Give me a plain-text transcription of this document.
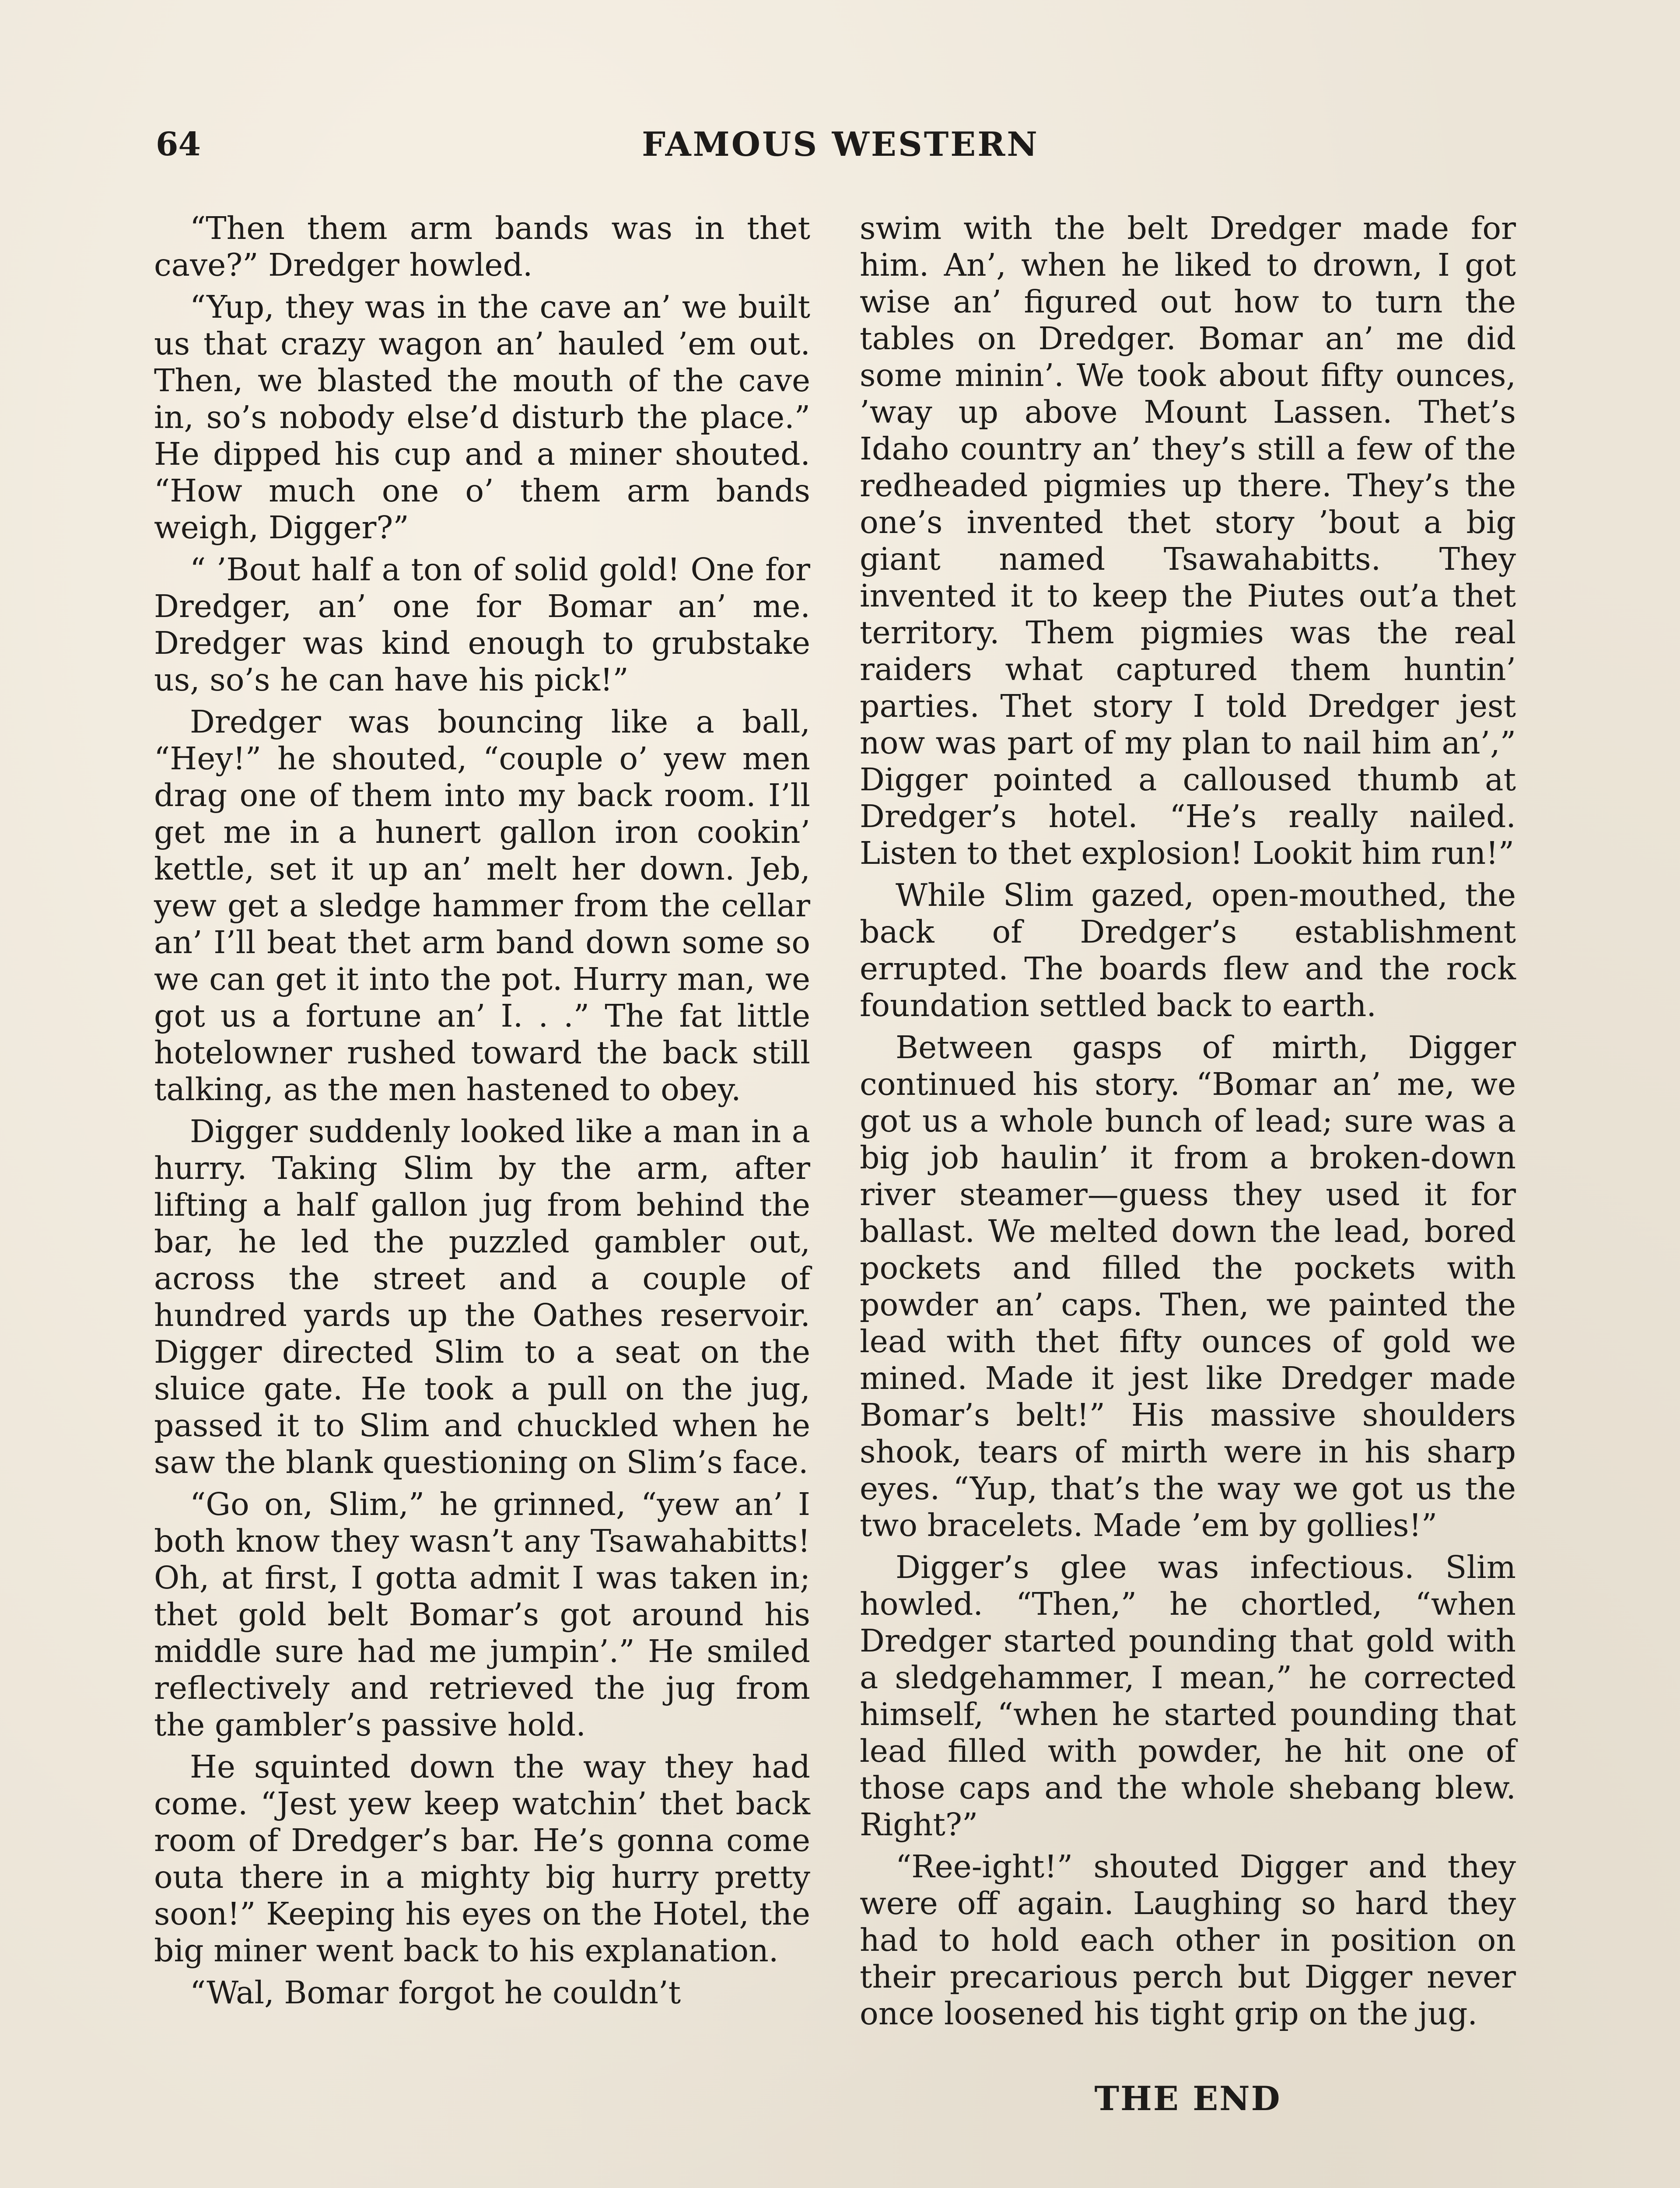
64	FAMOUS WESTERN

“Then them arm bands was in thet cave?” Dredger howled.

“Yup, they was in the cave an’ we built us that crazy wagon an’ hauled ’em out. Then, we blasted the mouth of the cave in, so’s nobody else’d disturb the place.” He dipped his cup and a miner shouted. “How much one o’ them arm bands weigh, Digger?”

“ ’Bout half a ton of solid gold! One for Dredger, an’ one for Bomar an’ me. Dredger was kind enough to grubstake us, so’s he can have his pick!”

Dredger was bouncing like a ball, “Hey!” he shouted, “couple o’ yew men drag one of them into my back room. I’ll get me in a hunert gallon iron cookin’ kettle, set it up an’ melt her down. Jeb, yew get a sledge hammer from the cellar an’ I’ll beat thet arm band down some so we can get it into the pot. Hurry man, we got us a fortune an’ I. . .” The fat little hotelowner rushed toward the back still talking, as the men hastened to obey.

Digger suddenly looked like a man in a hurry. Taking Slim by the arm, after lifting a half gallon jug from behind the bar, he led the puzzled gambler out, across the street and a couple of hundred yards up the Oathes reservoir. Digger directed Slim to a seat on the sluice gate. He took a pull on the jug, passed it to Slim and chuckled when he saw the blank questioning on Slim’s face.

“Go on, Slim,” he grinned, “yew an’ I both know they wasn’t any Tsawahabitts! Oh, at first, I gotta admit I was taken in; thet gold belt Bomar’s got around his middle sure had me jumpin’.” He smiled reflectively and retrieved the jug from the gambler’s passive hold.

He squinted down the way they had come. “Jest yew keep watchin’ thet back room of Dredger’s bar. He’s gonna come outa there in a mighty big hurry pretty soon!” Keeping his eyes on the Hotel, the big miner went back to his explanation.

“Wal, Bomar forgot he couldn’t

swim with the belt Dredger made for him. An’, when he liked to drown, I got wise an’ figured out how to turn the tables on Dredger. Bomar an’ me did some minin’. We took about fifty ounces, ’way up above Mount Lassen. Thet’s Idaho country an’ they’s still a few of the redheaded pigmies up there. They’s the one’s invented thet story ’bout a big giant named Tsawahabitts. They invented it to keep the Piutes out’a thet territory. Them pigmies was the real raiders what captured them huntin’ parties. Thet story I told Dredger jest now was part of my plan to nail him an’,” Digger pointed a calloused thumb at Dredger’s hotel. “He’s really nailed. Listen to thet explosion! Lookit him run!”

While Slim gazed, open-mouthed, the back of Dredger’s establishment errupted. The boards flew and the rock foundation settled back to earth.

Between gasps of mirth, Digger continued his story. “Bomar an’ me, we got us a whole bunch of lead; sure was a big job haulin’ it from a broken-down river steamer—guess they used it for ballast. We melted down the lead, bored pockets and filled the pockets with powder an’ caps. Then, we painted the lead with thet fifty ounces of gold we mined. Made it jest like Dredger made Bomar’s belt!” His massive shoulders shook, tears of mirth were in his sharp eyes. “Yup, that’s the way we got us the two bracelets. Made ’em by gollies!”

Digger’s glee was infectious. Slim howled. “Then,” he chortled, “when Dredger started pounding that gold with a sledgehammer, I mean,” he corrected himself, “when he started pounding that lead filled with powder, he hit one of those caps and the whole shebang blew. Right?”

“Ree-ight!” shouted Digger and they were off again. Laughing so hard they had to hold each other in position on their precarious perch but Digger never once loosened his tight grip on the jug.

THE END
